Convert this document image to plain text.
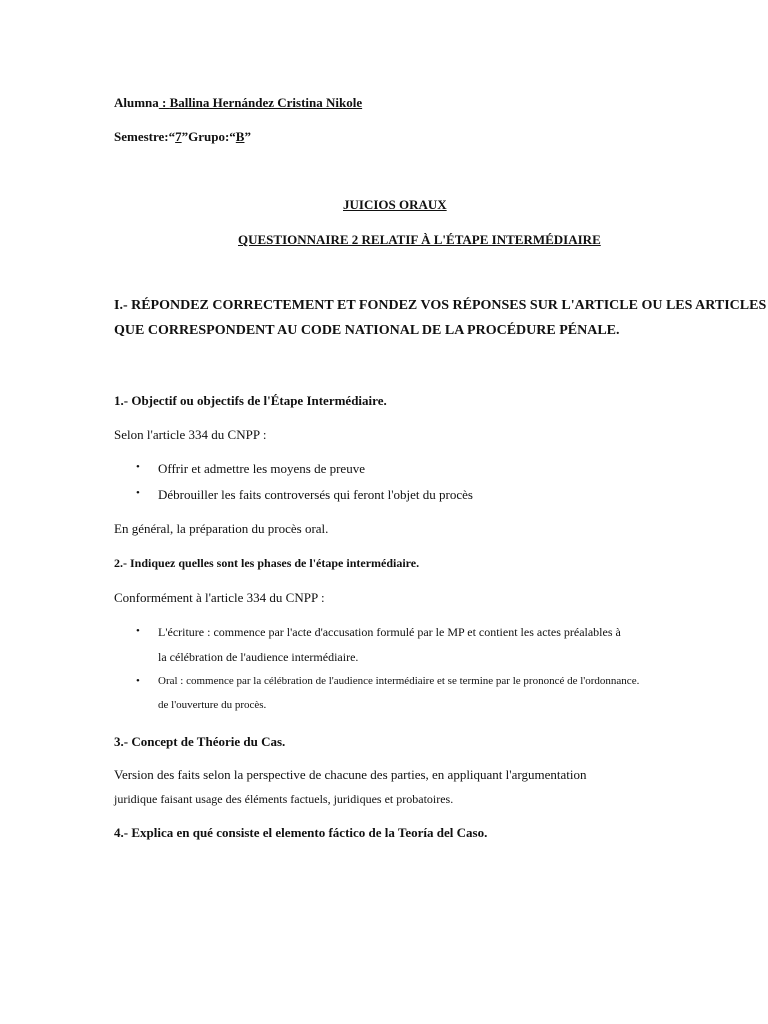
Alumna : Ballina Hernández Cristina Nikole
Semestre:“7”Grupo:“B”
JUICIOS ORAUX
QUESTIONNAIRE 2 RELATIF À L'ÉTAPE INTERMÉDIAIRE
I.- RÉPONDEZ CORRECTEMENT ET FONDEZ VOS RÉPONSES SUR L'ARTICLE OU LES ARTICLES
QUE CORRESPONDENT AU CODE NATIONAL DE LA PROCÉDURE PÉNALE.
1.- Objectif ou objectifs de l'Étape Intermédiaire.
Selon l'article 334 du CNPP :
• Offrir et admettre les moyens de preuve
• Débrouiller les faits controversés qui feront l'objet du procès
En général, la préparation du procès oral.
2.- Indiquez quelles sont les phases de l'étape intermédiaire.
Conformément à l'article 334 du CNPP :
• L'écriture : commence par l'acte d'accusation formulé par le MP et contient les actes préalables à
la célébration de l'audience intermédiaire.
• Oral : commence par la célébration de l'audience intermédiaire et se termine par le prononcé de l'ordonnance.
de l'ouverture du procès.
3.- Concept de Théorie du Cas.
Version des faits selon la perspective de chacune des parties, en appliquant l'argumentation
juridique faisant usage des éléments factuels, juridiques et probatoires.
4.- Explica en qué consiste el elemento fáctico de la Teoría del Caso.
